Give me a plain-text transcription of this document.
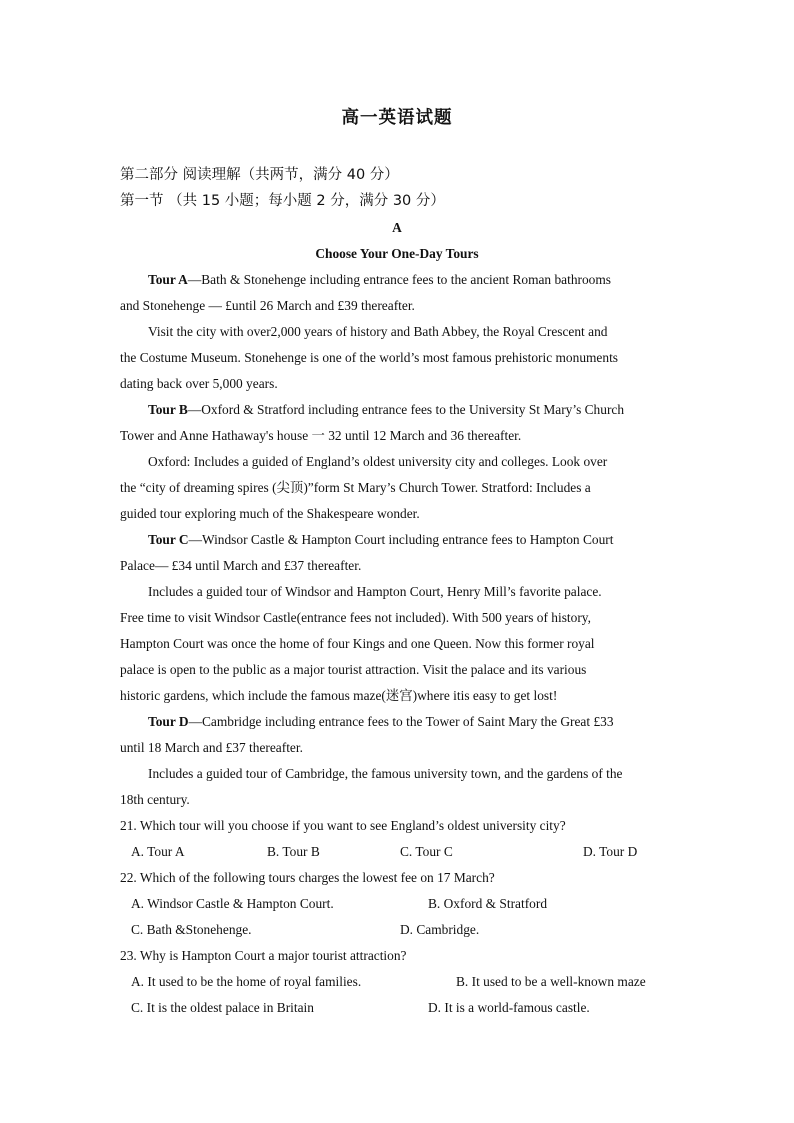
高一英语试题
第二部分 阅读理解（共两节，满分 40 分）
第一节 （共 15 小题；每小题 2 分，满分 30 分）
A
Choose Your One-Day Tours
Tour A—Bath & Stonehenge including entrance fees to the ancient Roman bathrooms
and Stonehenge — £until 26 March and £39 thereafter.
Visit the city with over2,000 years of history and Bath Abbey, the Royal Crescent and
the Costume Museum. Stonehenge is one of the world’s most famous prehistoric monuments
dating back over 5,000 years.
Tour B—Oxford & Stratford including entrance fees to the University St Mary’s Church
Tower and Anne Hathaway's house 一 32 until 12 March and 36 thereafter.
Oxford: Includes a guided of England’s oldest university city and colleges. Look over
the “city of dreaming spires (尖顶)”form St Mary’s Church Tower. Stratford: Includes a
guided tour exploring much of the Shakespeare wonder.
Tour C—Windsor Castle & Hampton Court including entrance fees to Hampton Court
Palace— £34 until March and £37 thereafter.
Includes a guided tour of Windsor and Hampton Court, Henry Mill’s favorite palace.
Free time to visit Windsor Castle(entrance fees not included). With 500 years of history,
Hampton Court was once the home of four Kings and one Queen. Now this former royal
palace is open to the public as a major tourist attraction. Visit the palace and its various
historic gardens, which include the famous maze(迷宫)where itis easy to get lost!
Tour D—Cambridge including entrance fees to the Tower of Saint Mary the Great £33
until 18 March and £37 thereafter.
Includes a guided tour of Cambridge, the famous university town, and the gardens of the
18th century.
21. Which tour will you choose if you want to see England’s oldest university city?
A. Tour A	B. Tour B	C. Tour C	D. Tour D
22. Which of the following tours charges the lowest fee on 17 March?
A. Windsor Castle & Hampton Court.	B. Oxford & Stratford
C. Bath &Stonehenge.	D. Cambridge.
23. Why is Hampton Court a major tourist attraction?
A. It used to be the home of royal families.	B. It used to be a well-known maze
C. It is the oldest palace in Britain	D. It is a world-famous castle.
